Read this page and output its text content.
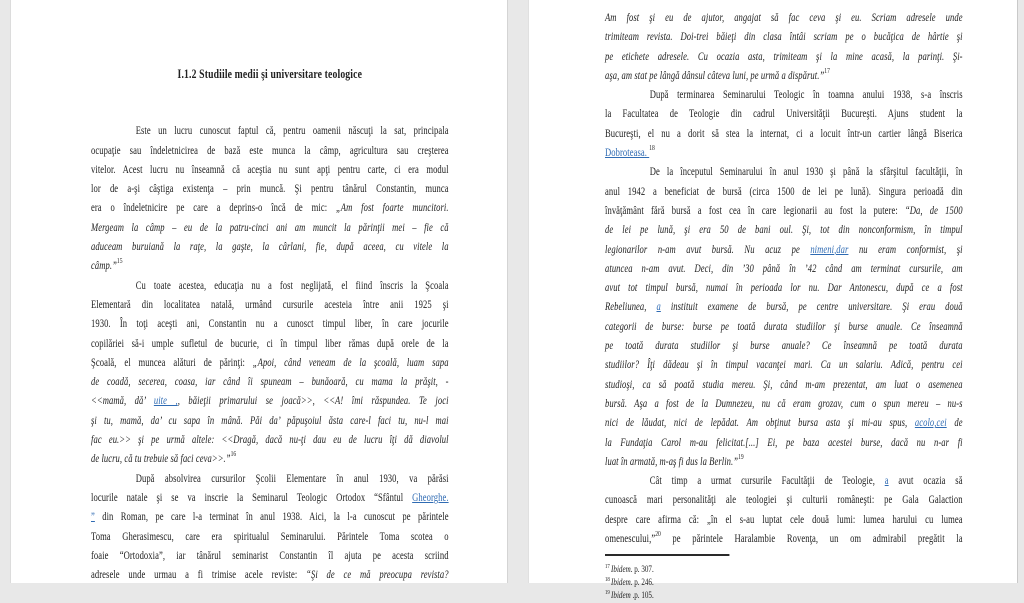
I.1.2 Studiile medii şi universitare teologice
Este un lucru cunoscut faptul că, pentru oamenii născuţi la sat, principala
ocupaţie sau îndeletnicirea de bază este munca la câmp, agricultura sau creşterea
vitelor. Acest lucru nu înseamnă că aceştia nu sunt apţi pentru carte, ci era modul
lor de a-şi câştiga existenţa – prin muncă. Şi pentru tânărul Constantin, munca
era o îndeletnicire pe care a deprins-o încă de mic: „Am fost foarte muncitori.
Mergeam la câmp – eu de la patru-cinci ani am muncit la părinţii mei – fie că
aduceam buruiană la raţe, la gaşte, la cârlani, fie, după aceea, cu vitele la
câmp.”$^{15}$
Cu toate acestea, educaţia nu a fost neglijată, el fiind înscris la Şcoala
Elementară din localitatea natală, urmând cursurile acesteia între anii 1925 şi
1930. În toţi aceşti ani, Constantin nu a cunosct timpul liber, în care jocurile
copilăriei să-i umple sufletul de bucurie, ci în timpul liber rămas după orele de la
Şcoală, el muncea alături de părinţi: „Apoi, când veneam de la şcoală, luam sapa
de coadă, secerea, coasa, iar când îi spuneam – bunăoară, cu mama la prăşit, -
<<mamă, dă’ uite ,, băieţii primarului se joacă>>, <<A! îmi răspundea. Te joci
şi tu, mamă, da’ cu sapa în mână. Păi da’ păpuşoiul ăsta care-l faci tu, nu-l mai
fac eu.>> şi pe urmă altele: <<Dragă, dacă nu-ţi dau eu de lucru îţi dă diavolul
de lucru, că tu trebuie să faci ceva>>.”$^{16}$
După absolvirea cursurilor Şcolii Elementare în anul 1930, va părăsi
locurile natale şi se va inscrie la Seminarul Teologic Ortodox “Sfântul Gheorghe.
” din Roman, pe care l-a terminat în anul 1938. Aici, la l-a cunoscut pe părintele
Toma Gherasimescu, care era spiritualul Seminarului. Părintele Toma scotea o
foaie “Ortodoxia”, iar tânărul seminarist Constantin îl ajuta pe acesta scriind
adresele unde urmau a fi trimise acele reviste: “Şi de ce mă preocupa revista?
Am fost şi eu de ajutor, angajat să fac ceva şi eu. Scriam adresele unde
trimiteam revista. Doi-trei băieţi din clasa întâi scriam pe o bucăţica de hârtie şi
pe etichete adresele. Cu ocazia asta, trimiteam şi la mine acasă, la parinţi. Şi-
aşa, am stat pe lângă dânsul câteva luni, pe urmă a dispărut.”$^{17}$
După terminarea Seminarului Teologic în toamna anului 1938, s-a înscris
la Facultatea de Teologie din cadrul Universităţii Bucureşti. Ajuns student la
Bucureşti, el nu a dorit să stea la internat, ci a locuit într-un cartier lângă Biserica
Dobroteasa. $^{18}$
De la începutul Seminarului în anul 1930 şi până la sfârşitul facultăţii, în
anul 1942 a beneficiat de bursă (circa 1500 de lei pe lună). Singura perioadă din
învăţământ fără bursă a fost cea în care legionarii au fost la putere: “Da, de 1500
de lei pe lună, şi era 50 de bani oul. Şi, tot din nonconformism, în timpul
legionarilor n-am avut bursă. Nu acuz pe nimeni,dar nu eram conformist, şi
atuncea n-am avut. Deci, din ’30 până în ’42 când am terminat cursurile, am
avut tot timpul bursă, numai în perioada lor nu. Dar Antonescu, după ce a fost
Rebeliunea, a instituit examene de bursă, pe centre universitare. Şi erau două
categorii de burse: burse pe toată durata studiilor şi burse anuale. Ce înseamnă
pe toată durata studiilor şi burse anuale? Ce înseamnă pe toată durata
studiilor? Îţi dădeau şi în timpul vacanţei mari. Ca un salariu. Adică, pentru cei
studioşi, ca să poată studia mereu. Şi, când m-am prezentat, am luat o asemenea
bursă. Aşa a fost de la Dumnezeu, nu că eram grozav, cum o spun mereu – nu-s
nici de lăudat, nici de lepădat. Am obţinut bursa asta şi mi-au spus, acolo,cei de
la Fundaţia Carol m-au felicitat.[...] Ei, pe baza acestei burse, dacă nu n-ar fi
luat în armată, m-aş fi dus la Berlin.”$^{19}$
Cât timp a urmat cursurile Facultăţii de Teologie, a avut ocazia să
cunoască mari personalităţi ale teologiei şi culturii româneşti: pe Gala Galaction
despre care afirma că: „în el s-au luptat cele două lumi: lumea harului cu lumea
omenescului,”$^{20}$ pe părintele Haralambie Rovenţa, un om admirabil pregătit la
$^{17}$ Ibidem. p. 307.
$^{18}$ Ibidem. p. 246.
$^{19}$ Ibidem .p. 105.
